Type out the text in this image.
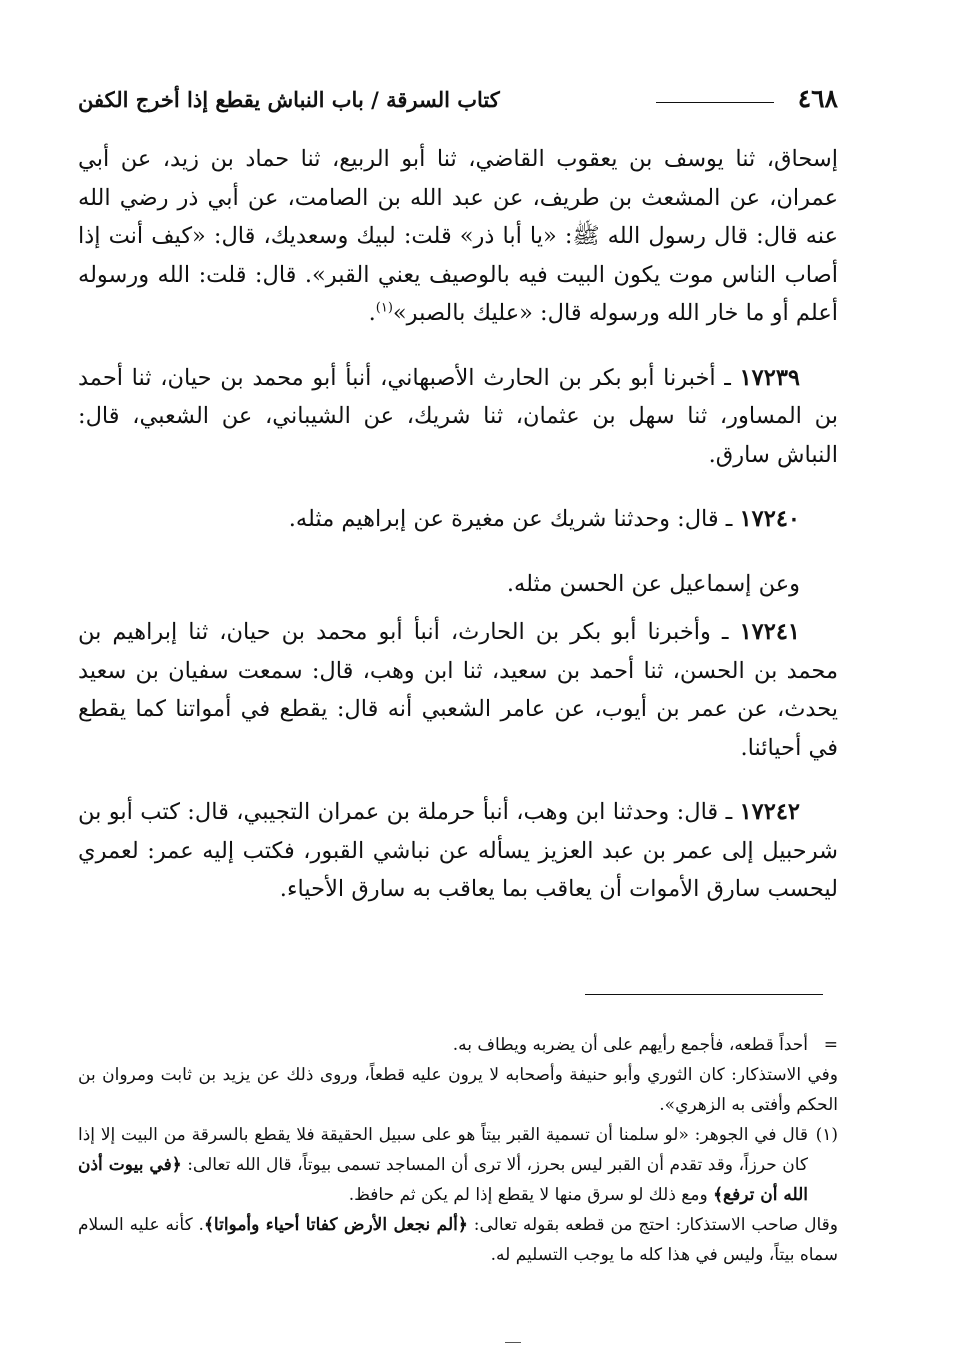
٤٦٨
كتاب السرقة / باب النباش يقطع إذا أخرج الكفن

إسحاق، ثنا يوسف بن يعقوب القاضي، ثنا أبو الربيع، ثنا حماد بن زيد، عن أبي عمران، عن المشعث بن طريف، عن عبد الله بن الصامت، عن أبي ذر رضي الله عنه قال: قال رسول الله ﷺ: «يا أبا ذر» قلت: لبيك وسعديك، قال: «كيف أنت إذا أصاب الناس موت يكون البيت فيه بالوصيف يعني القبر». قال: قلت: الله ورسوله أعلم أو ما خار الله ورسوله قال: «عليك بالصبر»$^{(١)}$.

١٧٢٣٩ ـ أخبرنا أبو بكر بن الحارث الأصبهاني، أنبأ أبو محمد بن حيان، ثنا أحمد بن المساور، ثنا سهل بن عثمان، ثنا شريك، عن الشيباني، عن الشعبي، قال: النباش سارق.

١٧٢٤٠ ـ قال: وحدثنا شريك عن مغيرة عن إبراهيم مثله.

وعن إسماعيل عن الحسن مثله.

١٧٢٤١ ـ وأخبرنا أبو بكر بن الحارث، أنبأ أبو محمد بن حيان، ثنا إبراهيم بن محمد بن الحسن، ثنا أحمد بن سعيد، ثنا ابن وهب، قال: سمعت سفيان بن سعيد يحدث، عن عمر بن أيوب، عن عامر الشعبي أنه قال: يقطع في أمواتنا كما يقطع في أحيائنا.

١٧٢٤٢ ـ قال: وحدثنا ابن وهب، أنبأ حرملة بن عمران التجيبي، قال: كتب أبو بن شرحبيل إلى عمر بن عبد العزيز يسأله عن نباشي القبور، فكتب إليه عمر: لعمري ليحسب سارق الأموات أن يعاقب بما يعاقب به سارق الأحياء.

=
أحداً قطعه، فأجمع رأيهم على أن يضربه ويطاف به.

وفي الاستذكار: كان الثوري وأبو حنيفة وأصحابه لا يرون عليه قطعاً، وروى ذلك عن يزيد بن ثابت ومروان بن الحكم وأفتى به الزهري».

(١)
قال في الجوهر: «لو سلمنا أن تسمية القبر بيتاً هو على سبيل الحقيقة فلا يقطع بالسرقة من البيت إلا إذا كان حرزاً، وقد تقدم أن القبر ليس بحرز، ألا ترى أن المساجد تسمى بيوتاً، قال الله تعالى: ﴿في بيوت أذن الله أن ترفع﴾ ومع ذلك لو سرق منها لا يقطع إذا لم يكن ثم حافظ.

وقال صاحب الاستذكار: احتج من قطعه بقوله تعالى: ﴿ألم نجعل الأرض كفاتا أحياء وأمواتا﴾. كأنه عليه السلام سماه بيتاً، وليس في هذا كله ما يوجب التسليم له.
